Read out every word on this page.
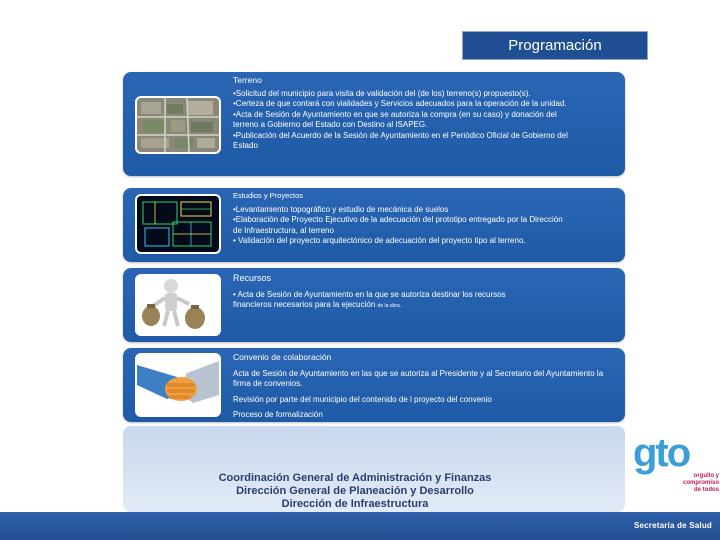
Programación
Terreno
•Solicitud del municipio para visita de validación del (de los) terreno(s) propuesto(s).
•Certeza de que contará con vialidades y Servicios adecuados para la operación de la unidad.
•Acta de Sesión de Ayuntamiento en que se autoriza la compra (en su caso) y donación del
terreno a Gobierno del Estado con Destino al ISAPEG.
•Publicación del Acuerdo de la Sesión de Ayuntamiento en el Periódico Oficial de Gobierno del
Estado
Estudios y Proyectos
•Levantamiento topográfico y estudio de mecánica de suelos
•Elaboración de Proyecto Ejecutivo de la adecuación del prototipo entregado por la Dirección
de Infraestructura, al terreno
• Validación del proyecto arquitectónico de adecuación del proyecto tipo al terreno.
Recursos
• Acta de Sesión de Ayuntamiento en la que se autoriza destinar los recursos
financieros necesarios para la ejecución de la obra.
Convenio de colaboración
Acta de Sesión de Ayuntamiento en las que se autoriza al Presidente y al Secretario del Ayuntamiento la firma de convenios.
Revisión por parte del municipio del contenido de l proyecto del convenio
Proceso de formalización
Coordinación General de Administración y Finanzas
Dirección General de Planeación y Desarrollo
Dirección de Infraestructura
gto
orgullo y
compromiso
de todos
Secretaría de Salud
